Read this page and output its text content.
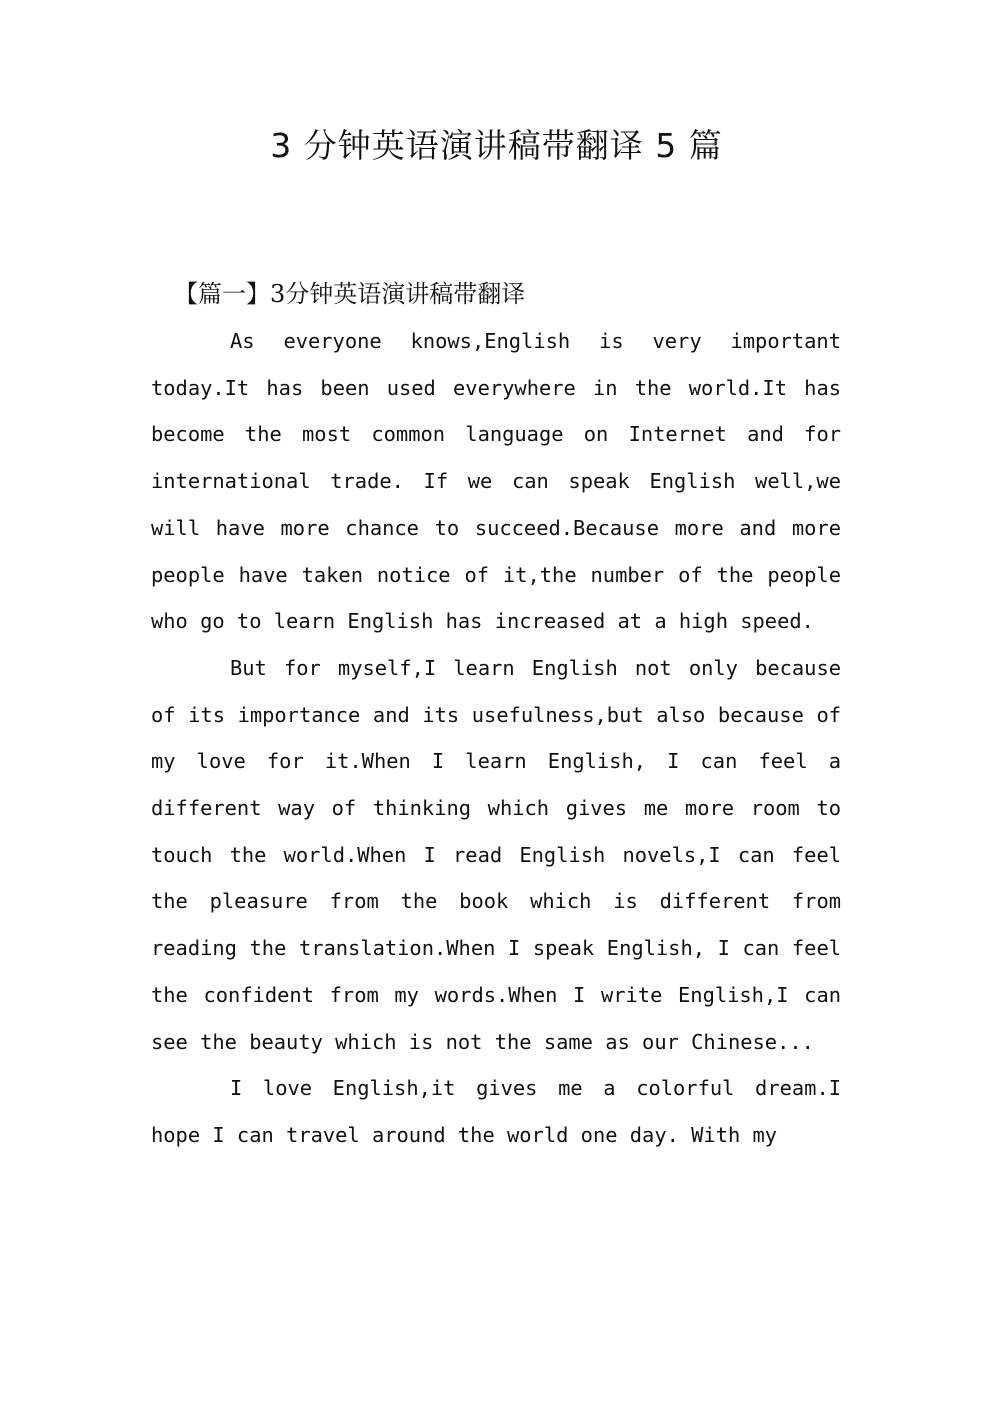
3 分钟英语演讲稿带翻译 5 篇
【篇一】3分钟英语演讲稿带翻译

As everyone knows,English is very important today.It has been used everywhere in the world.It has become the most common language on Internet and for international trade. If we can speak English well,we will have more chance to succeed.Because more and more people have taken notice of it,the number of the people who go to learn English has increased at a high speed.

But for myself,I learn English not only because of its importance and its usefulness,but also because of my love for it.When I learn English, I can feel a different way of thinking which gives me more room to touch the world.When I read English novels,I can feel the pleasure from the book which is different from reading the translation.When I speak English, I can feel the confident from my words.When I write English,I can see the beauty which is not the same as our Chinese...

I love English,it gives me a colorful dream.I hope I can travel around the world one day. With my
